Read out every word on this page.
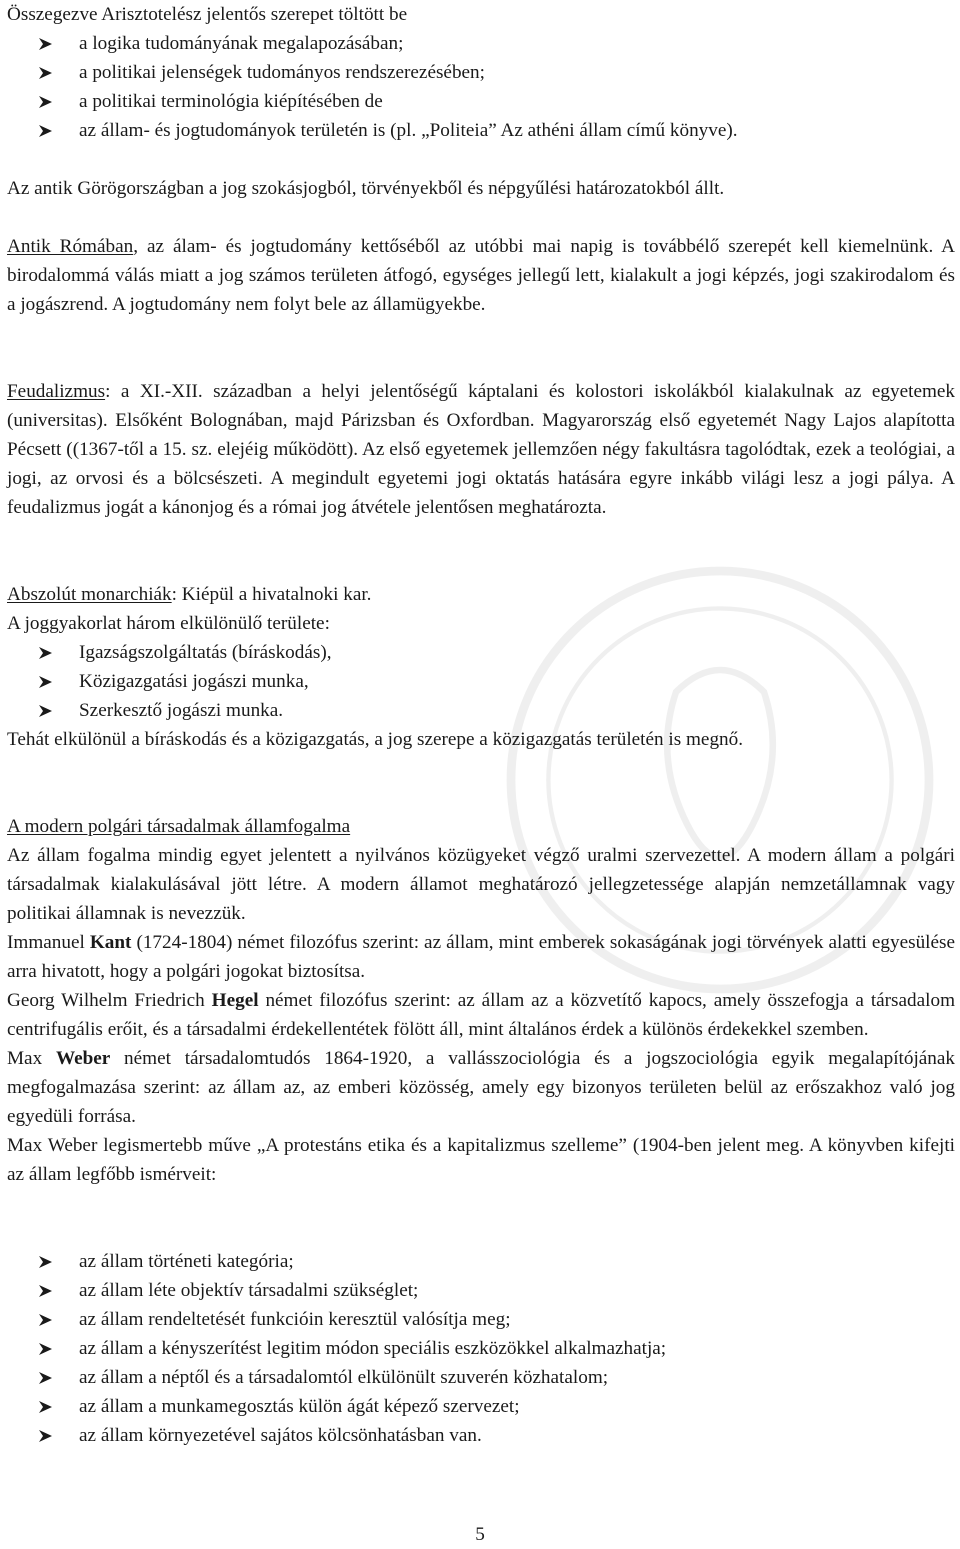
Összegezve Arisztotelész jelentős szerepet töltött be

a logika tudományának megalapozásában;
a politikai jelenségek tudományos rendszerezésében;
a politikai terminológia kiépítésében de
az állam- és jogtudományok területén is (pl. „Politeia” Az athéni állam című könyve).

Az antik Görögországban a jog szokásjogból, törvényekből és népgyűlési határozatokból állt.

Antik Rómában, az álam- és jogtudomány kettőséből az utóbbi mai napig is továbbélő szerepét kell kiemelnünk. A birodalommá válás miatt a jog számos területen átfogó, egységes jellegű lett, kialakult a jogi képzés, jogi szakirodalom és a jogászrend. A jogtudomány nem folyt bele az államügyekbe.

Feudalizmus: a XI.-XII. században a helyi jelentőségű káptalani és kolostori iskolákból kialakulnak az egyetemek (universitas). Elsőként Bolognában, majd Párizsban és Oxfordban. Magyarország első egyetemét Nagy Lajos alapította Pécsett ((1367-től a 15. sz. elejéig működött). Az első egyetemek jellemzően négy fakultásra tagolódtak, ezek a teológiai, a jogi, az orvosi és a bölcsészeti. A megindult egyetemi jogi oktatás hatására egyre inkább világi lesz a jogi pálya. A feudalizmus jogát a kánonjog és a római jog átvétele jelentősen meghatározta.

Abszolút monarchiák: Kiépül a hivatalnoki kar.

A joggyakorlat három elkülönülő területe:

Igazságszolgáltatás (bíráskodás),
Közigazgatási jogászi munka,
Szerkesztő jogászi munka.

Tehát elkülönül a bíráskodás és a közigazgatás, a jog szerepe a közigazgatás területén is megnő.

A modern polgári társadalmak államfogalma

Az állam fogalma mindig egyet jelentett a nyilvános közügyeket végző uralmi szervezettel. A modern állam a polgári társadalmak kialakulásával jött létre. A modern államot meghatározó jellegzetessége alapján nemzetállamnak vagy politikai államnak is nevezzük.

Immanuel Kant (1724-1804) német filozófus szerint: az állam, mint emberek sokaságának jogi törvények alatti egyesülése arra hivatott, hogy a polgári jogokat biztosítsa.

Georg Wilhelm Friedrich Hegel német filozófus szerint: az állam az a közvetítő kapocs, amely összefogja a társadalom centrifugális erőit, és a társadalmi érdekellentétek fölött áll, mint általános érdek a különös érdekekkel szemben.

Max Weber német társadalomtudós 1864-1920, a vallásszociológia és a jogszociológia egyik megalapítójának megfogalmazása szerint: az állam az, az emberi közösség, amely egy bizonyos területen belül az erőszakhoz való jog egyedüli forrása.

Max Weber legismertebb műve „A protestáns etika és a kapitalizmus szelleme” (1904-ben jelent meg. A könyvben kifejti az állam legfőbb ismérveit:

az állam történeti kategória;
az állam léte objektív társadalmi szükséglet;
az állam rendeltetését funkcióin keresztül valósítja meg;
az állam a kényszerítést legitim módon speciális eszközökkel alkalmazhatja;
az állam a néptől és a társadalomtól elkülönült szuverén közhatalom;
az állam a munkamegosztás külön ágát képező szervezet;
az állam környezetével sajátos kölcsönhatásban van.
5
